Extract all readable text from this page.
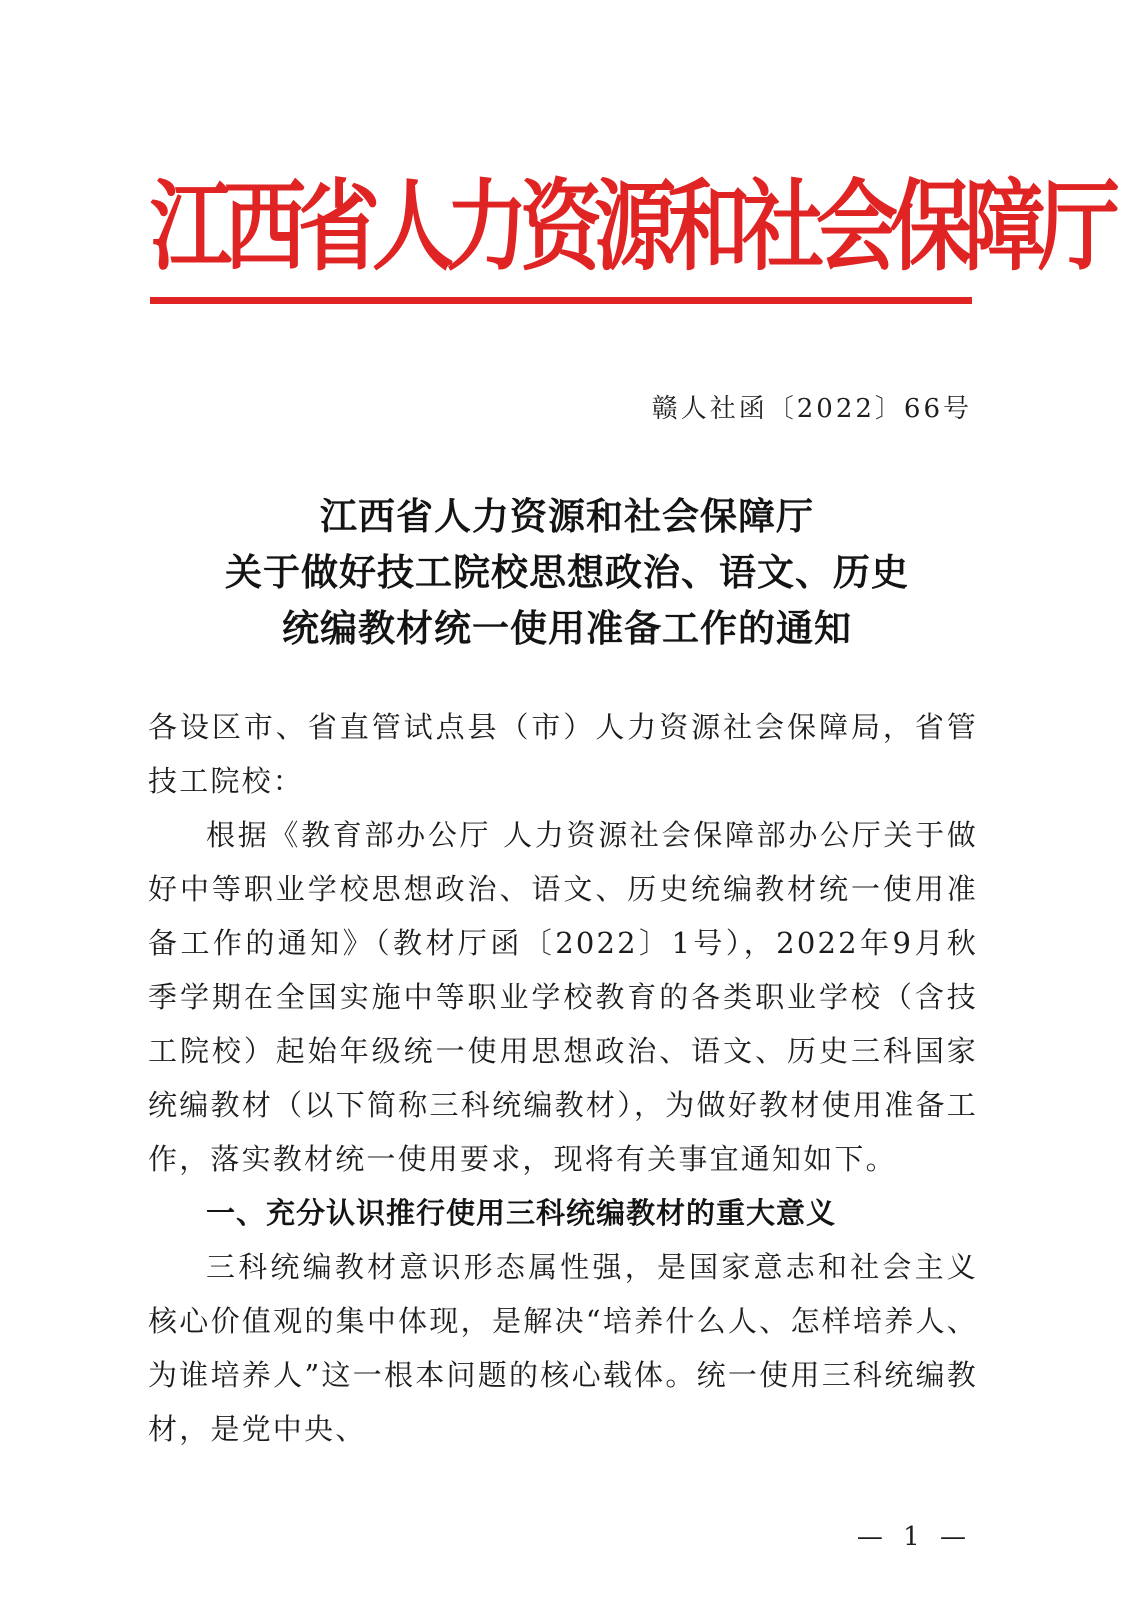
江西省人力资源和社会保障厅
赣人社函〔2022〕66号
江西省人力资源和社会保障厅
关于做好技工院校思想政治、语文、历史
统编教材统一使用准备工作的通知

各设区市、省直管试点县（市）人力资源社会保障局，省管技工院校：

根据《教育部办公厅 人力资源社会保障部办公厅关于做好中等职业学校思想政治、语文、历史统编教材统一使用准备工作的通知》（教材厅函〔2022〕1号），2022年9月秋季学期在全国实施中等职业学校教育的各类职业学校（含技工院校）起始年级统一使用思想政治、语文、历史三科国家统编教材（以下简称三科统编教材），为做好教材使用准备工作，落实教材统一使用要求，现将有关事宜通知如下。

一、充分认识推行使用三科统编教材的重大意义

三科统编教材意识形态属性强，是国家意志和社会主义核心价值观的集中体现，是解决“培养什么人、怎样培养人、为谁培养人”这一根本问题的核心载体。统一使用三科统编教材，是党中央、

— 1 —
